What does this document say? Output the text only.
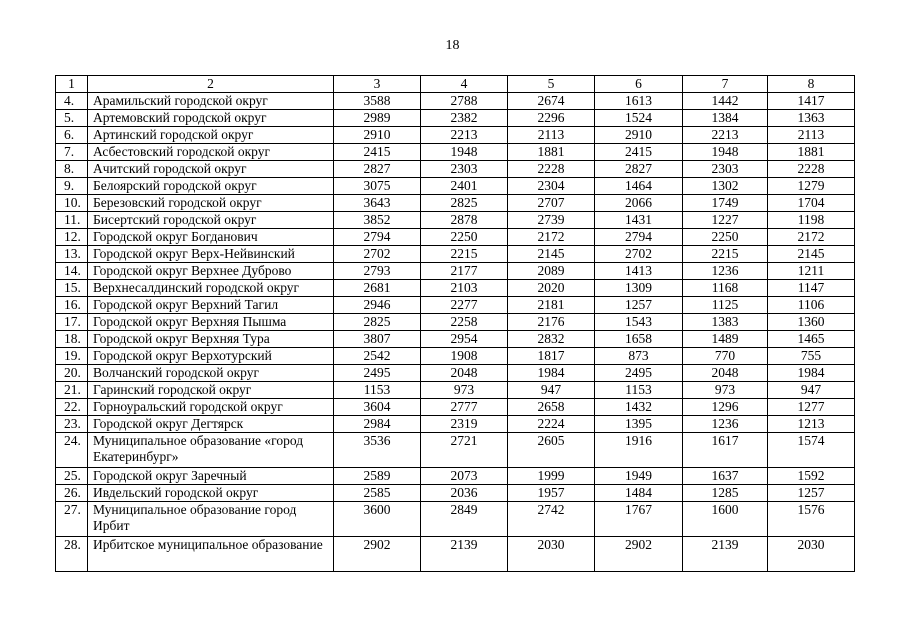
18
1	2	3	4	5	6	7	8
4.	Арамильский городской округ	3588	2788	2674	1613	1442	1417
5.	Артемовский городской округ	2989	2382	2296	1524	1384	1363
6.	Артинский городской округ	2910	2213	2113	2910	2213	2113
7.	Асбестовский городской округ	2415	1948	1881	2415	1948	1881
8.	Ачитский городской округ	2827	2303	2228	2827	2303	2228
9.	Белоярский городской округ	3075	2401	2304	1464	1302	1279
10.	Березовский городской округ	3643	2825	2707	2066	1749	1704
11.	Бисертский городской округ	3852	2878	2739	1431	1227	1198
12.	Городской округ Богданович	2794	2250	2172	2794	2250	2172
13.	Городской округ Верх-Нейвинский	2702	2215	2145	2702	2215	2145
14.	Городской округ Верхнее Дуброво	2793	2177	2089	1413	1236	1211
15.	Верхнесалдинский городской округ	2681	2103	2020	1309	1168	1147
16.	Городской округ Верхний Тагил	2946	2277	2181	1257	1125	1106
17.	Городской округ Верхняя Пышма	2825	2258	2176	1543	1383	1360
18.	Городской округ Верхняя Тура	3807	2954	2832	1658	1489	1465
19.	Городской округ Верхотурский	2542	1908	1817	873	770	755
20.	Волчанский городской округ	2495	2048	1984	2495	2048	1984
21.	Гаринский городской округ	1153	973	947	1153	973	947
22.	Горноуральский городской округ	3604	2777	2658	1432	1296	1277
23.	Городской округ Дегтярск	2984	2319	2224	1395	1236	1213
24.	Муниципальное образование «город Екатеринбург»	3536	2721	2605	1916	1617	1574
25.	Городской округ Заречный	2589	2073	1999	1949	1637	1592
26.	Ивдельский городской округ	2585	2036	1957	1484	1285	1257
27.	Муниципальное образование город Ирбит	3600	2849	2742	1767	1600	1576
28.	Ирбитское муниципальное образование	2902	2139	2030	2902	2139	2030
